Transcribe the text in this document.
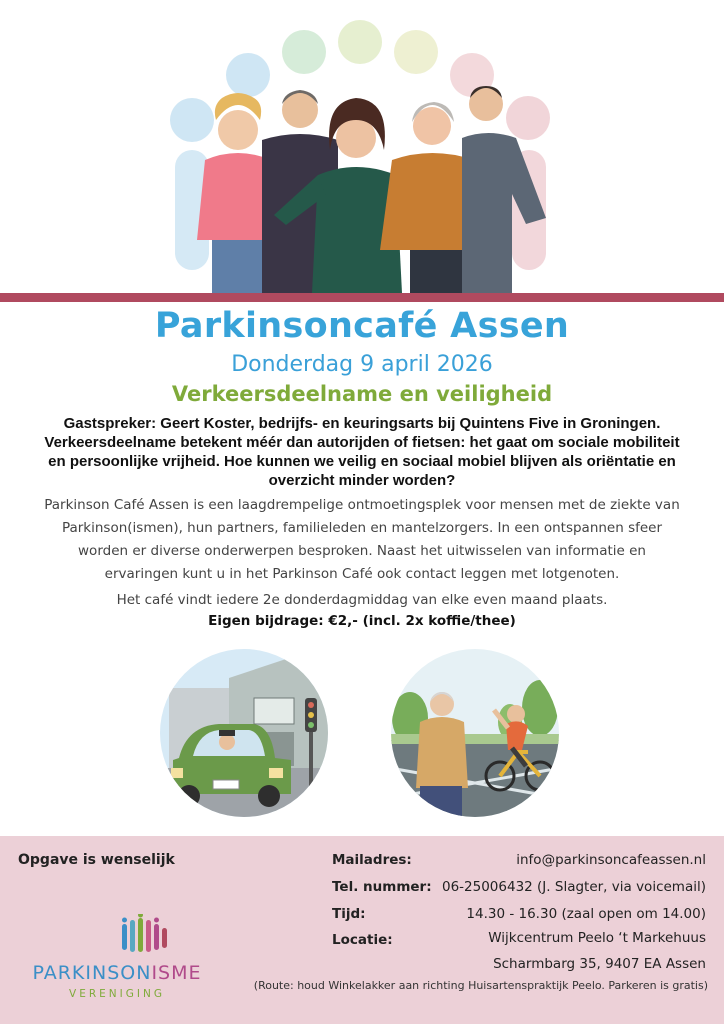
Parkinsoncafé Assen
Donderdag 9 april 2026
Verkeersdeelname en veiligheid
Gastspreker: Geert Koster, bedrijfs- en keuringsarts bij Quintens Five in Groningen. Verkeersdeelname betekent méér dan autorijden of fietsen: het gaat om sociale mobiliteit en persoonlijke vrijheid. Hoe kunnen we veilig en sociaal mobiel blijven als oriëntatie en overzicht minder worden?
Parkinson Café Assen is een laagdrempelige ontmoetingsplek voor mensen met de ziekte van Parkinson(ismen), hun partners, familieleden en mantelzorgers. In een ontspannen sfeer worden er diverse onderwerpen besproken. Naast het uitwisselen van informatie en ervaringen kunt u in het Parkinson Café ook contact leggen met lotgenoten.
Het café vindt iedere 2e donderdagmiddag van elke even maand plaats.
Eigen bijdrage: €2,- (incl. 2x koffie/thee)
Opgave is wenselijk
PARKINSONISME
VERENIGING
Mailadres:	info@parkinsoncafeassen.nl
Tel. nummer: 06-25006432 (J. Slagter, via voicemail)
Tijd:	14.30 - 16.30 (zaal open om 14.00)
Locatie:	Wijkcentrum Peelo ‘t Markehuus
Scharmbarg 35, 9407 EA Assen
(Route: houd Winkelakker aan richting Huisartenspraktijk Peelo. Parkeren is gratis)
